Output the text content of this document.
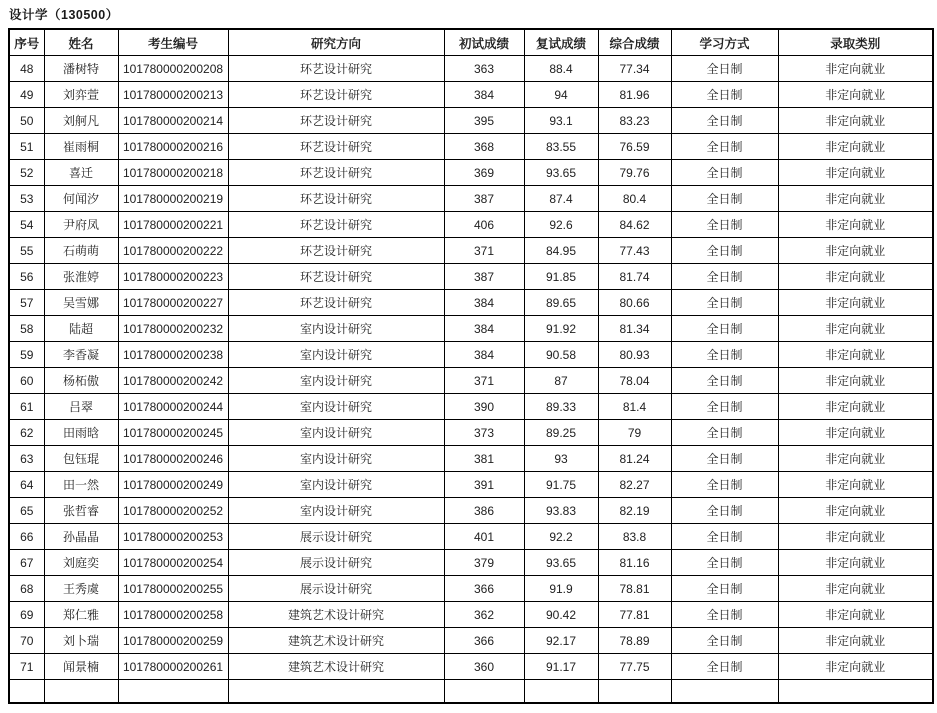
设计学（130500）
序号	姓名	考生编号	研究方向	初试成绩	复试成绩	综合成绩	学习方式	录取类别
48	潘树特	101780000200208	环艺设计研究	363	88.4	77.34	全日制	非定向就业
49	刘弈萱	101780000200213	环艺设计研究	384	94	81.96	全日制	非定向就业
50	刘舸凡	101780000200214	环艺设计研究	395	93.1	83.23	全日制	非定向就业
51	崔雨桐	101780000200216	环艺设计研究	368	83.55	76.59	全日制	非定向就业
52	喜迁	101780000200218	环艺设计研究	369	93.65	79.76	全日制	非定向就业
53	何闻汐	101780000200219	环艺设计研究	387	87.4	80.4	全日制	非定向就业
54	尹府凤	101780000200221	环艺设计研究	406	92.6	84.62	全日制	非定向就业
55	石萌萌	101780000200222	环艺设计研究	371	84.95	77.43	全日制	非定向就业
56	张淮婷	101780000200223	环艺设计研究	387	91.85	81.74	全日制	非定向就业
57	吴雪娜	101780000200227	环艺设计研究	384	89.65	80.66	全日制	非定向就业
58	陆超	101780000200232	室内设计研究	384	91.92	81.34	全日制	非定向就业
59	李香凝	101780000200238	室内设计研究	384	90.58	80.93	全日制	非定向就业
60	杨柘傲	101780000200242	室内设计研究	371	87	78.04	全日制	非定向就业
61	吕翠	101780000200244	室内设计研究	390	89.33	81.4	全日制	非定向就业
62	田雨晗	101780000200245	室内设计研究	373	89.25	79	全日制	非定向就业
63	包钰琨	101780000200246	室内设计研究	381	93	81.24	全日制	非定向就业
64	田一然	101780000200249	室内设计研究	391	91.75	82.27	全日制	非定向就业
65	张哲睿	101780000200252	室内设计研究	386	93.83	82.19	全日制	非定向就业
66	孙晶晶	101780000200253	展示设计研究	401	92.2	83.8	全日制	非定向就业
67	刘庭奕	101780000200254	展示设计研究	379	93.65	81.16	全日制	非定向就业
68	王秀虞	101780000200255	展示设计研究	366	91.9	78.81	全日制	非定向就业
69	郑仁雅	101780000200258	建筑艺术设计研究	362	90.42	77.81	全日制	非定向就业
70	刘卜瑞	101780000200259	建筑艺术设计研究	366	92.17	78.89	全日制	非定向就业
71	闻景楠	101780000200261	建筑艺术设计研究	360	91.17	77.75	全日制	非定向就业
